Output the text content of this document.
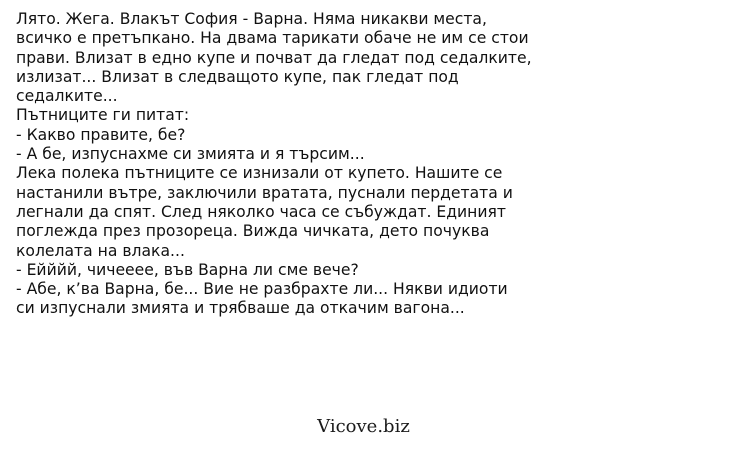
Лято. Жега. Влакът София - Варна. Няма никакви места,
всичко е претъпкано. На двама тарикати обаче не им се стои
прави. Влизат в едно купе и почват да гледат под седалките,
излизат... Влизат в следващото купе, пак гледат под
седалките...
Пътниците ги питат:
- Какво правите, бе?
- А бе, изпуснахме си змията и я търсим...
Лека полека пътниците се изнизали от купето. Нашите се
настанили вътре, заключили вратата, пуснали пердетата и
легнали да спят. След няколко часа се събуждат. Единият
поглежда през прозореца. Вижда чичката, дето почуква
колелата на влака...
- Ейййй, чичееее, във Варна ли сме вече?
- Абе, к’ва Варна, бе... Вие не разбрахте ли... Някви идиоти
си изпуснали змията и трябваше да откачим вагона...
Vicove.biz
